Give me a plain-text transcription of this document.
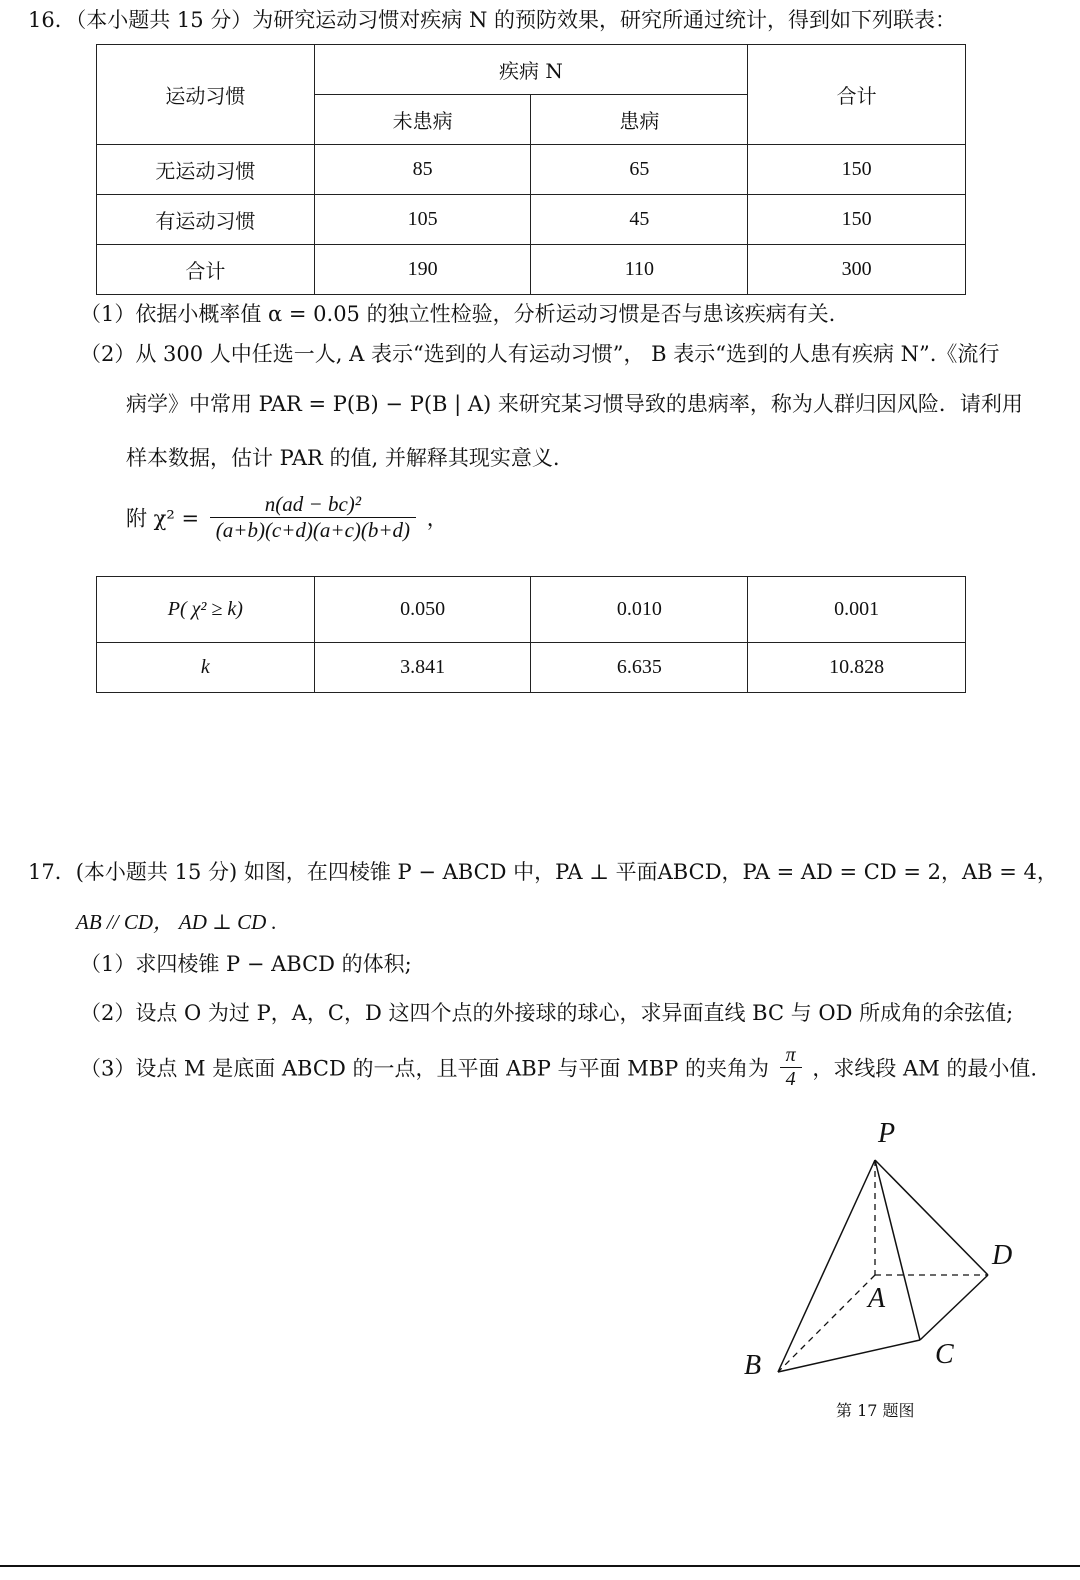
16．（本小题共 15 分）为研究运动习惯对疾病 N 的预防效果，研究所通过统计，得到如下列联表：
运动习惯	疾病 N		合计
	未患病	患病	
无运动习惯	85	65	150
有运动习惯	105	45	150
合计	190	110	300
（1）依据小概率值 α = 0.05 的独立性检验，分析运动习惯是否与患该疾病有关.
（2）从 300 人中任选一人, A 表示“选到的人有运动习惯”， B 表示“选到的人患有疾病 N”.《流行
病学》中常用 PAR = P(B) − P(B | A) 来研究某习惯导致的患病率，称为人群归因风险．请利用
样本数据，估计 PAR 的值, 并解释其现实意义.
附 $\chi^2 = \frac{\text{n(ad − bc)²}}{(a+b)(c+d)(a+c)(b+d)}$ ，
P( χ² ≥ k)	0.050	0.010	0.001
k	3.841	6.635	10.828
17．(本小题共 15 分) 如图，在四棱锥 P − ABCD 中，PA ⊥ 平面ABCD，PA = AD = CD = 2，AB = 4，
AB // CD， AD ⊥ CD .
（1）求四棱锥 P − ABCD 的体积;
（2）设点 O 为过 P，A，C，D 这四个点的外接球的球心，求异面直线 BC 与 OD 所成角的余弦值;
（3）设点 M 是底面 ABCD 的一点，且平面 ABP 与平面 MBP 的夹角为 $\frac{\pi}{4}$ ，求线段 AM 的最小值.
P
A
B	C
D
第 17 题图
